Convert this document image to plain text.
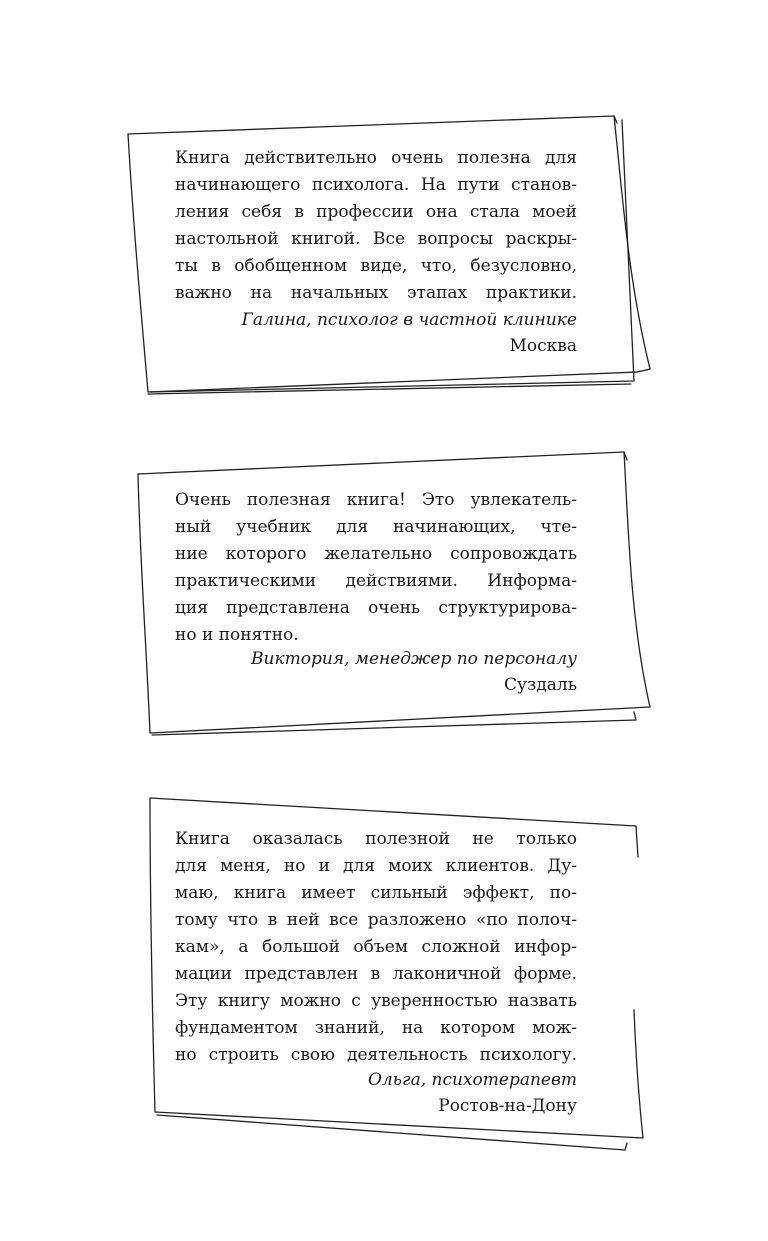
Книга действительно очень полезна для
начинающего психолога. На пути станов-
ления себя в профессии она стала моей
настольной книгой. Все вопросы раскры-
ты в обобщенном виде, что, безусловно,
важно на начальных этапах практики.
Галина, психолог в частной клинике
Москва
Очень полезная книга! Это увлекатель-
ный учебник для начинающих, чте-
ние которого желательно сопровождать
практическими действиями. Информа-
ция представлена очень структурирова-
но и понятно.
Виктория, менеджер по персоналу
Суздаль
Книга оказалась полезной не только
для меня, но и для моих клиентов. Ду-
маю, книга имеет сильный эффект, по-
тому что в ней все разложено «по полоч-
кам», а большой объем сложной инфор-
мации представлен в лаконичной форме.
Эту книгу можно с уверенностью назвать
фундаментом знаний, на котором мож-
но строить свою деятельность психологу.
Ольга, психотерапевт
Ростов-на-Дону
